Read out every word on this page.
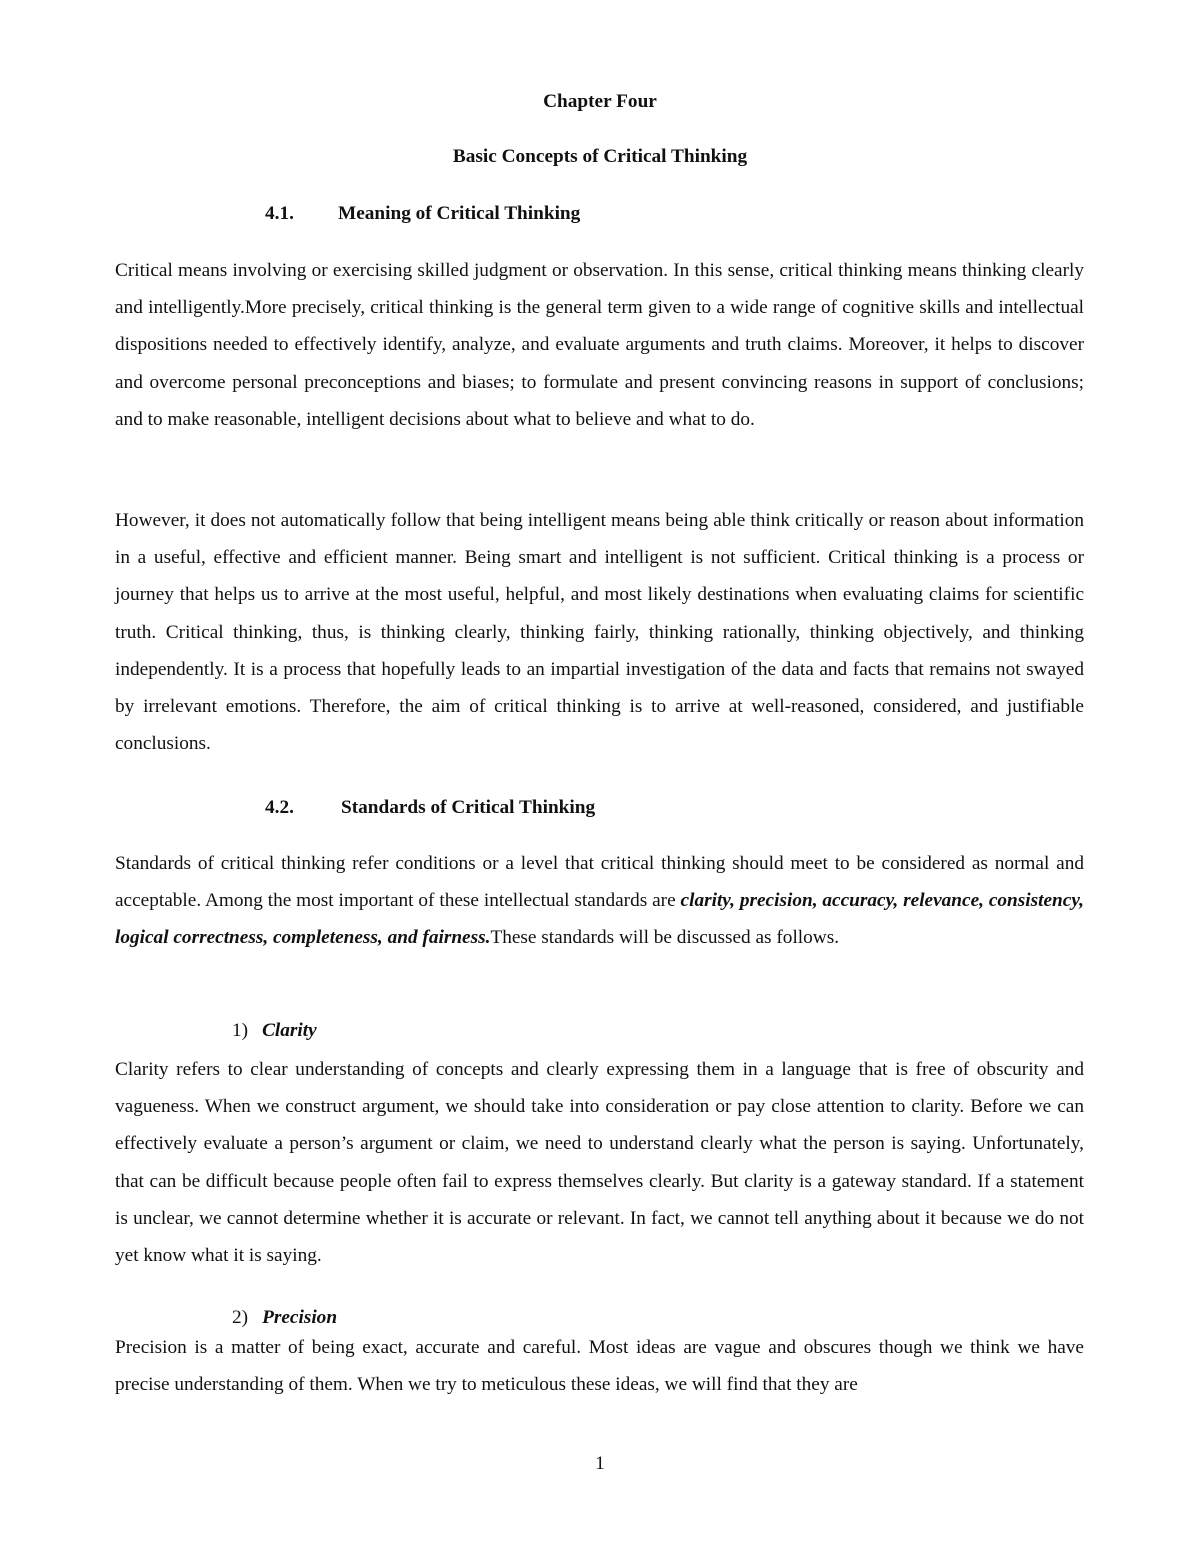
Chapter Four

Basic Concepts of Critical Thinking

4.1. Meaning of Critical Thinking

Critical means involving or exercising skilled judgment or observation. In this sense, critical thinking means thinking clearly and intelligently.More precisely, critical thinking is the general term given to a wide range of cognitive skills and intellectual dispositions needed to effectively identify, analyze, and evaluate arguments and truth claims. Moreover, it helps to discover and overcome personal preconceptions and biases; to formulate and present convincing reasons in support of conclusions; and to make reasonable, intelligent decisions about what to believe and what to do.

However, it does not automatically follow that being intelligent means being able think critically or reason about information in a useful, effective and efficient manner. Being smart and intelligent is not sufficient. Critical thinking is a process or journey that helps us to arrive at the most useful, helpful, and most likely destinations when evaluating claims for scientific truth. Critical thinking, thus, is thinking clearly, thinking fairly, thinking rationally, thinking objectively, and thinking independently. It is a process that hopefully leads to an impartial investigation of the data and facts that remains not swayed by irrelevant emotions. Therefore, the aim of critical thinking is to arrive at well-reasoned, considered, and justifiable conclusions.

4.2. Standards of Critical Thinking

Standards of critical thinking refer conditions or a level that critical thinking should meet to be considered as normal and acceptable. Among the most important of these intellectual standards are clarity, precision, accuracy, relevance, consistency, logical correctness, completeness, and fairness.These standards will be discussed as follows.

1) Clarity

Clarity refers to clear understanding of concepts and clearly expressing them in a language that is free of obscurity and vagueness. When we construct argument, we should take into consideration or pay close attention to clarity. Before we can effectively evaluate a person’s argument or claim, we need to understand clearly what the person is saying. Unfortunately, that can be difficult because people often fail to express themselves clearly. But clarity is a gateway standard. If a statement is unclear, we cannot determine whether it is accurate or relevant. In fact, we cannot tell anything about it because we do not yet know what it is saying.

2) Precision

Precision is a matter of being exact, accurate and careful. Most ideas are vague and obscures though we think we have precise understanding of them. When we try to meticulous these ideas, we will find that they are

1
